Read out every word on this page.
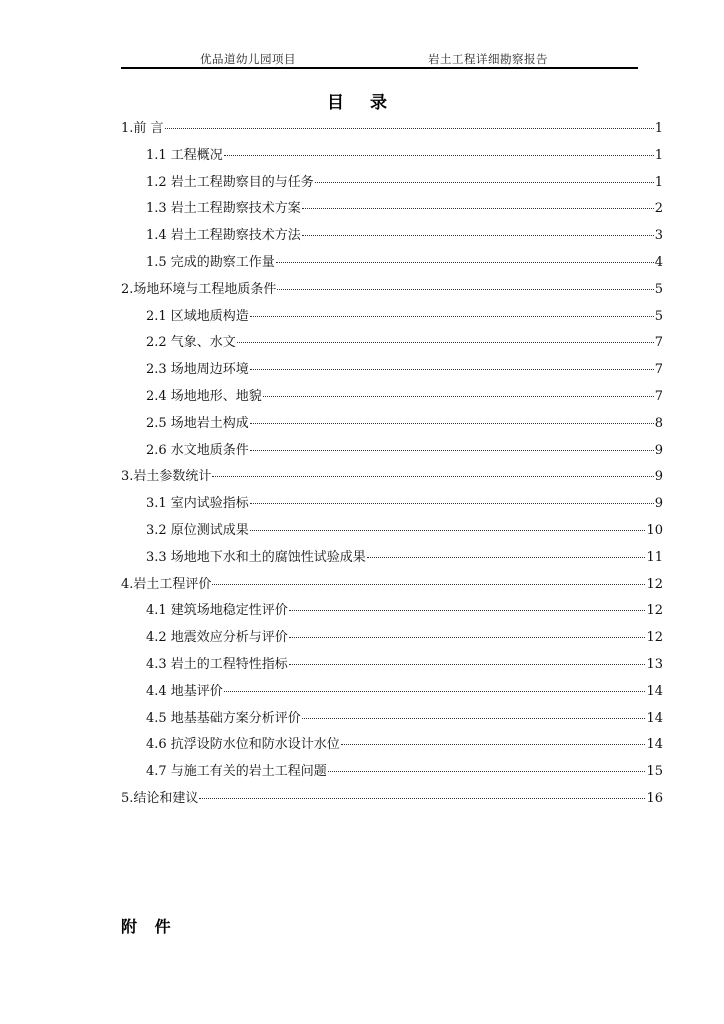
优品道幼儿园项目	岩土工程详细勘察报告
目 录
1.前 言	1
1.1 工程概况	1
1.2 岩土工程勘察目的与任务	1
1.3 岩土工程勘察技术方案	2
1.4 岩土工程勘察技术方法	3
1.5 完成的勘察工作量	4
2.场地环境与工程地质条件	5
2.1 区域地质构造	5
2.2 气象、水文	7
2.3 场地周边环境	7
2.4 场地地形、地貌	7
2.5 场地岩土构成	8
2.6 水文地质条件	9
3.岩土参数统计	9
3.1 室内试验指标	9
3.2 原位测试成果	10
3.3 场地地下水和土的腐蚀性试验成果	11
4.岩土工程评价	12
4.1 建筑场地稳定性评价	12
4.2 地震效应分析与评价	12
4.3 岩土的工程特性指标	13
4.4 地基评价	14
4.5 地基基础方案分析评价	14
4.6 抗浮设防水位和防水设计水位	14
4.7 与施工有关的岩土工程问题	15
5.结论和建议	16
附 件
